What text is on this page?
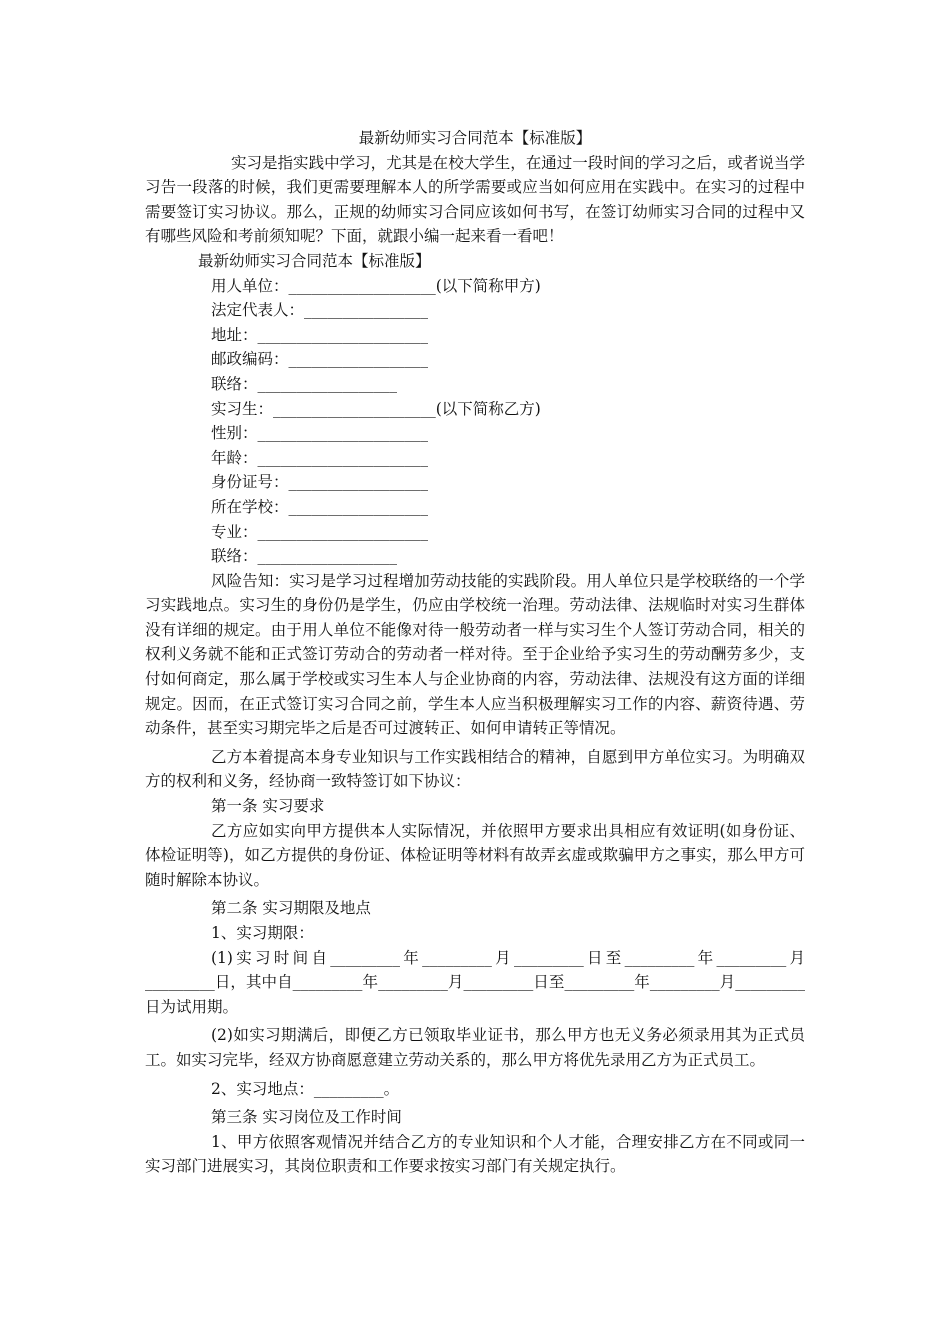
最新幼师实习合同范本【标准版】

实习是指实践中学习，尤其是在校大学生，在通过一段时间的学习之后，或者说当学习告一段落的时候，我们更需要理解本人的所学需要或应当如何应用在实践中。在实习的过程中需要签订实习协议。那么，正规的幼师实习合同应该如何书写，在签订幼师实习合同的过程中又有哪些风险和考前须知呢？下面，就跟小编一起来看一看吧！

最新幼师实习合同范本【标准版】

用人单位：___________________(以下简称甲方)

法定代表人：________________

地址：______________________

邮政编码：__________________

联络：__________________

实习生：_____________________(以下简称乙方)

性别：______________________

年龄：______________________

身份证号：__________________

所在学校：__________________

专业：______________________

联络：__________________

风险告知：实习是学习过程增加劳动技能的实践阶段。用人单位只是学校联络的一个学习实践地点。实习生的身份仍是学生，仍应由学校统一治理。劳动法律、法规临时对实习生群体没有详细的规定。由于用人单位不能像对待一般劳动者一样与实习生个人签订劳动合同，相关的权利义务就不能和正式签订劳动合的劳动者一样对待。至于企业给予实习生的劳动酬劳多少，支付如何商定，那么属于学校或实习生本人与企业协商的内容，劳动法律、法规没有这方面的详细规定。因而，在正式签订实习合同之前，学生本人应当积极理解实习工作的内容、薪资待遇、劳动条件，甚至实习期完毕之后是否可过渡转正、如何申请转正等情况。

乙方本着提高本身专业知识与工作实践相结合的精神，自愿到甲方单位实习。为明确双方的权利和义务，经协商一致特签订如下协议：

第一条 实习要求

乙方应如实向甲方提供本人实际情况，并依照甲方要求出具相应有效证明(如身份证、体检证明等)，如乙方提供的身份证、体检证明等材料有故弄玄虚或欺骗甲方之事实，那么甲方可随时解除本协议。

第二条 实习期限及地点

1、实习期限：

(1)实习时间自_________年_________月_________日至_________年_________月_________日，其中自_________年_________月_________日至_________年_________月_________日为试用期。

(2)如实习期满后，即便乙方已领取毕业证书，那么甲方也无义务必须录用其为正式员工。如实习完毕，经双方协商愿意建立劳动关系的，那么甲方将优先录用乙方为正式员工。

2、实习地点：_________。

第三条 实习岗位及工作时间

1、甲方依照客观情况并结合乙方的专业知识和个人才能，合理安排乙方在不同或同一实习部门进展实习，其岗位职责和工作要求按实习部门有关规定执行。
